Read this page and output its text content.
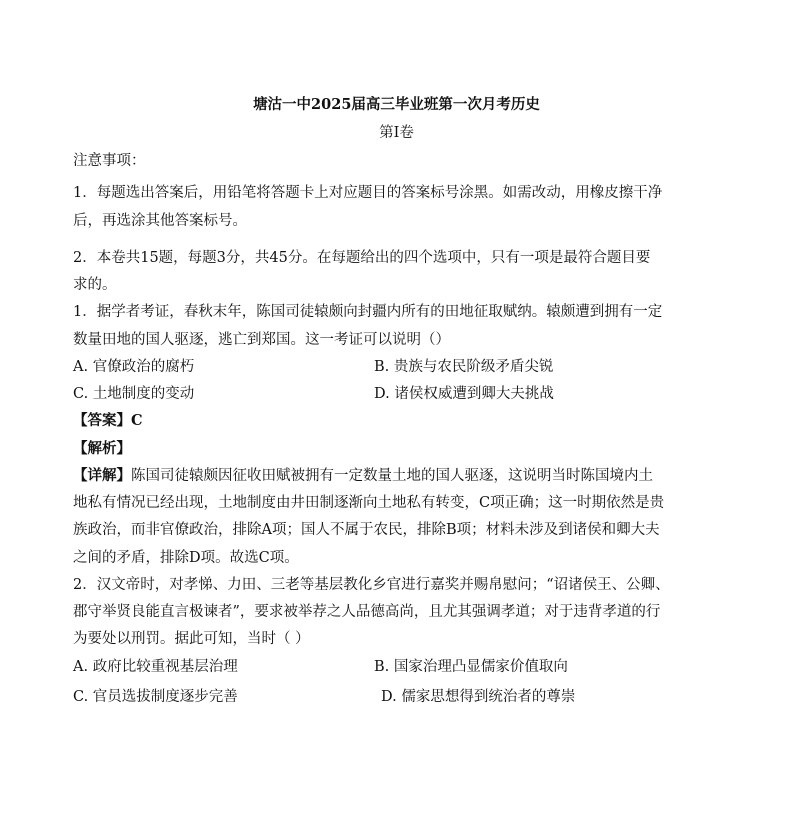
塘沽一中2025届高三毕业班第一次月考历史
第Ⅰ卷
注意事项：
1．每题选出答案后，用铅笔将答题卡上对应题目的答案标号涂黑。如需改动，用橡皮擦干净
后，再选涂其他答案标号。
2．本卷共15题，每题3分，共45分。在每题给出的四个选项中，只有一项是最符合题目要
求的。
1．据学者考证，春秋末年，陈国司徒辕颇向封疆内所有的田地征取赋纳。辕颇遭到拥有一定
数量田地的国人驱逐，逃亡到郑国。这一考证可以说明（）
A. 官僚政治的腐朽	B. 贵族与农民阶级矛盾尖锐
C. 土地制度的变动	D. 诸侯权威遭到卿大夫挑战
【答案】C
【解析】
【详解】陈国司徒辕颇因征收田赋被拥有一定数量土地的国人驱逐，这说明当时陈国境内土
地私有情况已经出现，土地制度由井田制逐渐向土地私有转变，C项正确；这一时期依然是贵
族政治，而非官僚政治，排除A项；国人不属于农民，排除B项；材料未涉及到诸侯和卿大夫
之间的矛盾，排除D项。故选C项。
2．汉文帝时，对孝悌、力田、三老等基层教化乡官进行嘉奖并赐帛慰问；“诏诸侯王、公卿、
郡守举贤良能直言极谏者”，要求被举荐之人品德高尚，且尤其强调孝道；对于违背孝道的行
为要处以刑罚。据此可知，当时（ ）
A. 政府比较重视基层治理	B. 国家治理凸显儒家价值取向
C. 官员选拔制度逐步完善	D. 儒家思想得到统治者的尊崇
